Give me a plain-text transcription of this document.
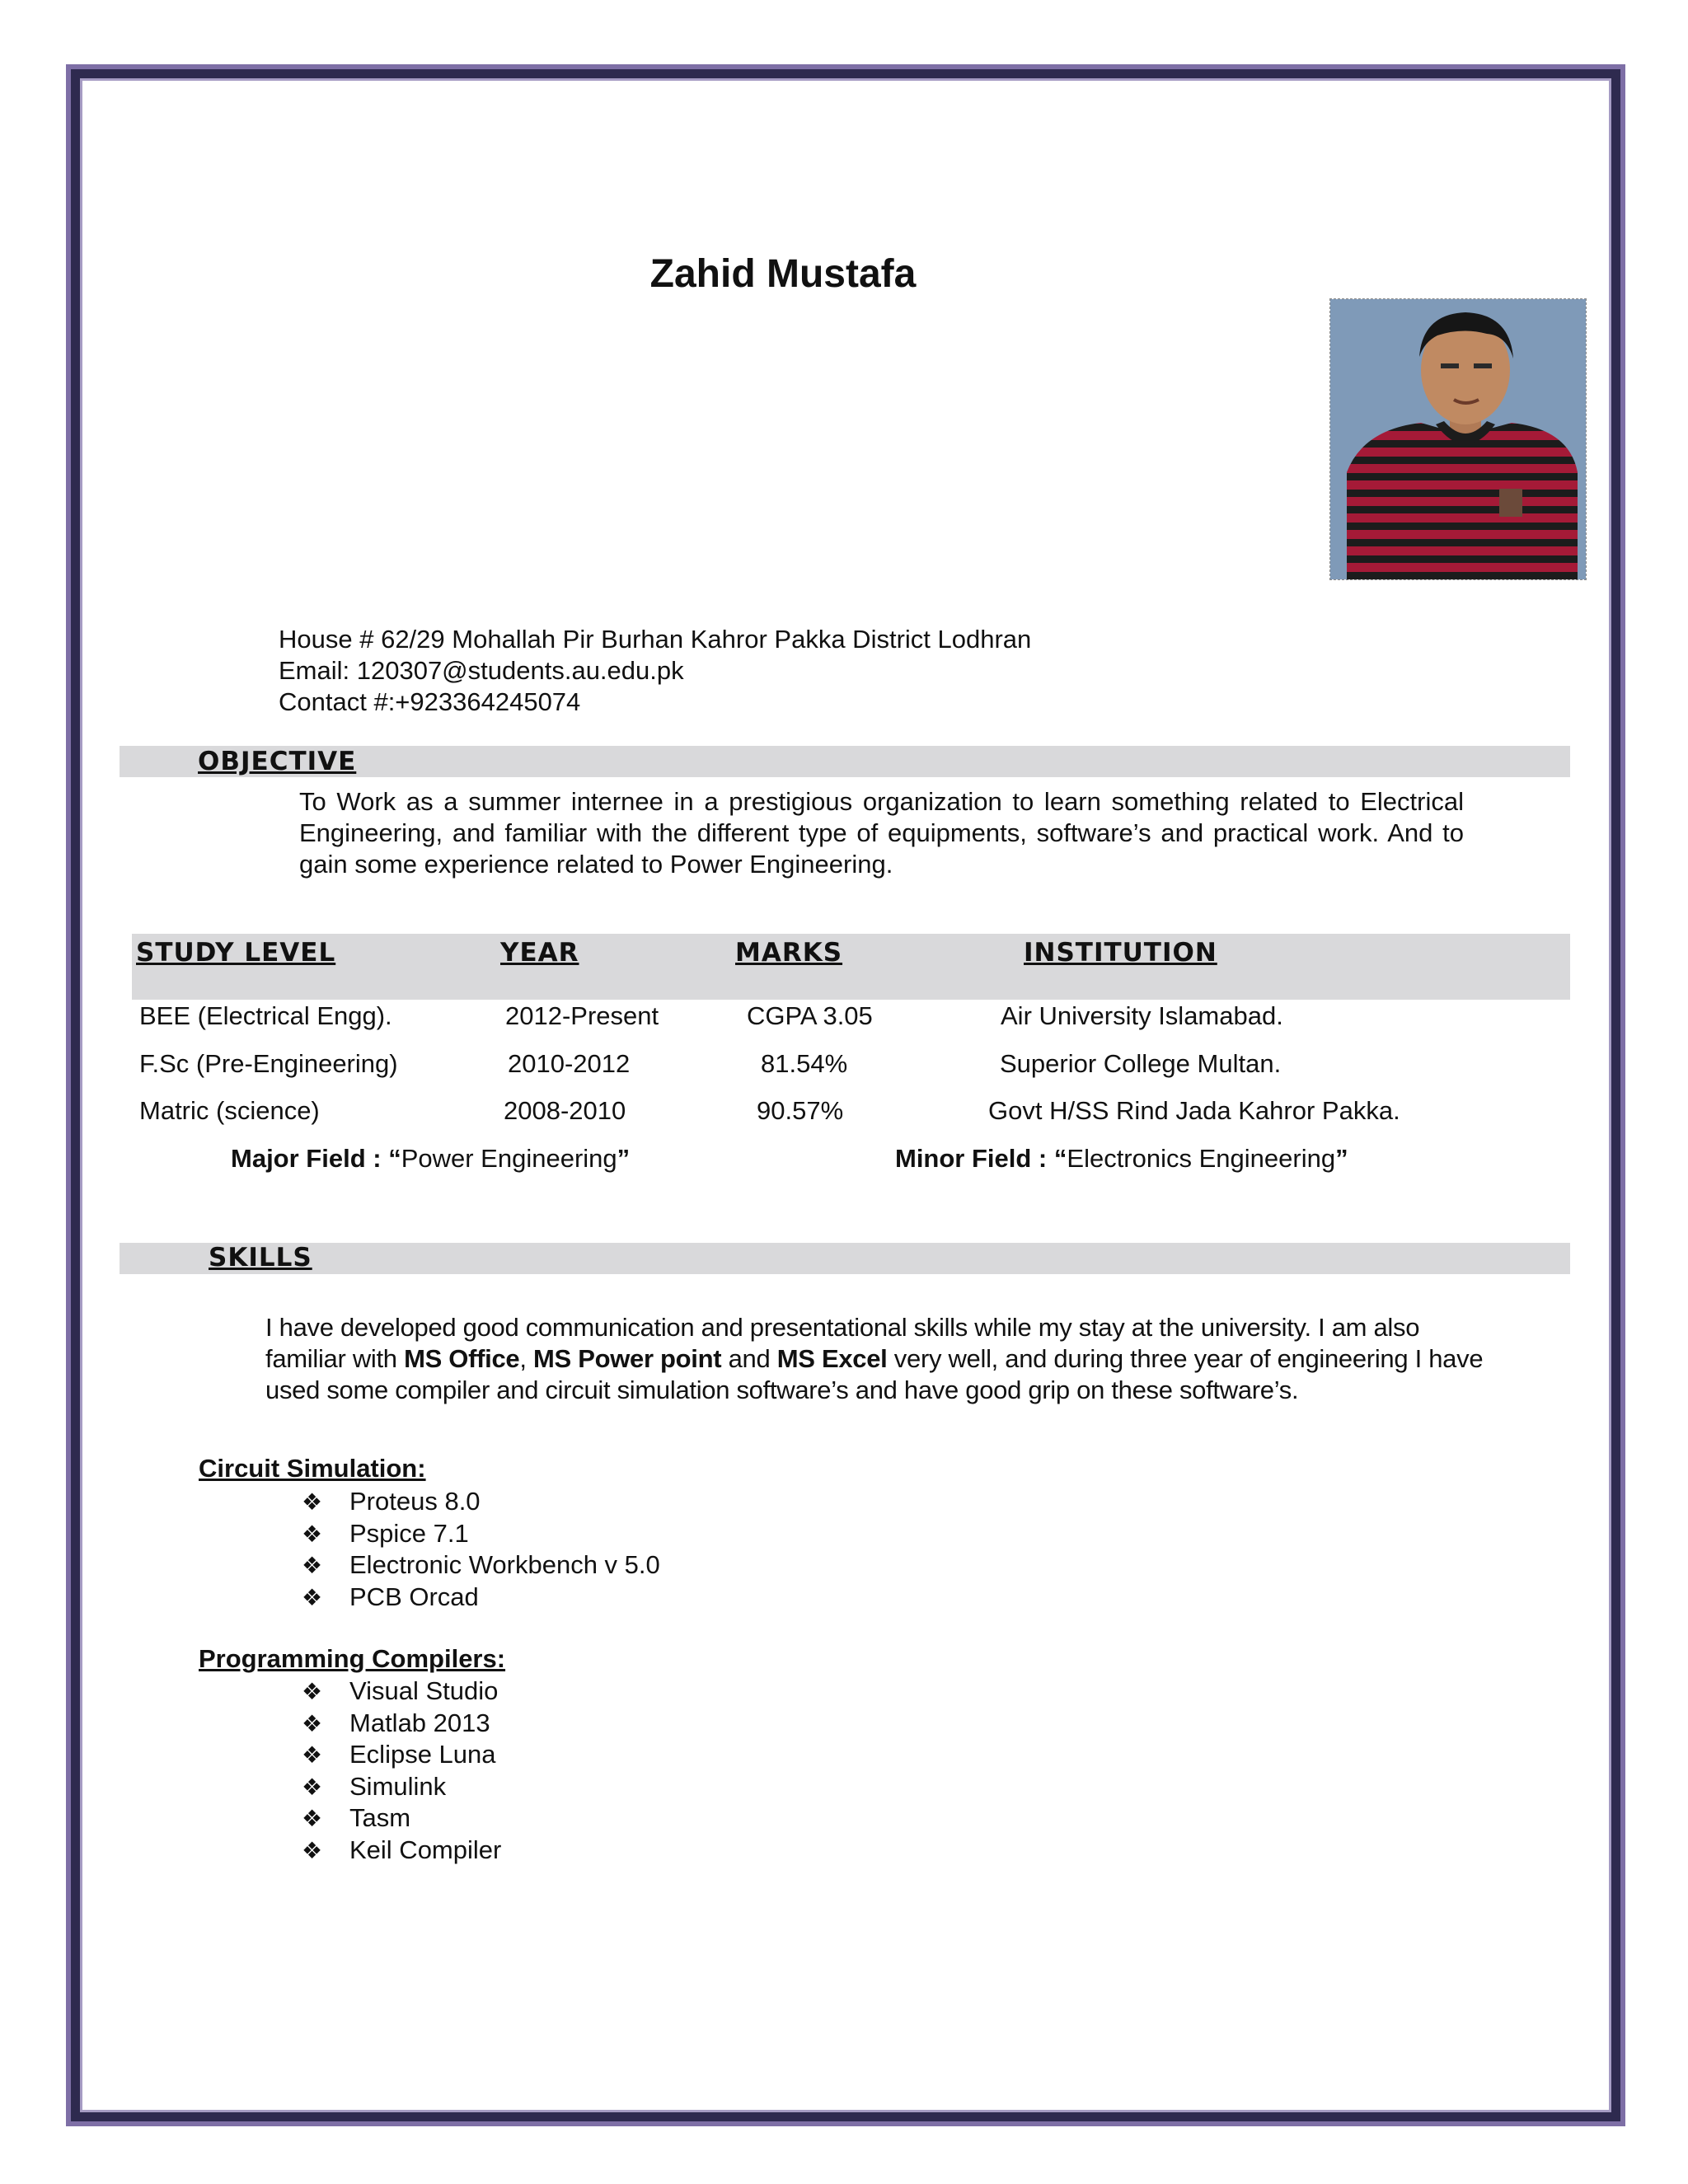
Zahid Mustafa
House # 62/29 Mohallah Pir Burhan Kahror Pakka District Lodhran
Email: 120307@students.au.edu.pk
Contact #:+923364245074
OBJECTIVE
To Work as a summer internee in a prestigious organization to learn something related to Electrical Engineering, and familiar with the different type of equipments, software’s and practical work. And to gain some experience related to Power Engineering.
STUDY LEVEL	YEAR	MARKS	INSTITUTION
BEE (Electrical Engg).	2012-Present	CGPA 3.05	Air University Islamabad.
F.Sc (Pre-Engineering)	2010-2012	81.54%	Superior College Multan.
Matric (science)	2008-2010	90.57%	Govt H/SS Rind Jada Kahror Pakka.
Major Field : “Power Engineering”	Minor Field : “Electronics Engineering”
SKILLS
I have developed good communication and presentational skills while my stay at the university. I am also familiar with MS Office, MS Power point and MS Excel very well, and during three year of engineering I have used some compiler and circuit simulation software’s and have good grip on these software’s.
Circuit Simulation:
❖ Proteus 8.0
❖ Pspice 7.1
❖ Electronic Workbench v 5.0
❖ PCB Orcad
Programming Compilers:
❖ Visual Studio
❖ Matlab 2013
❖ Eclipse Luna
❖ Simulink
❖ Tasm
❖ Keil Compiler
